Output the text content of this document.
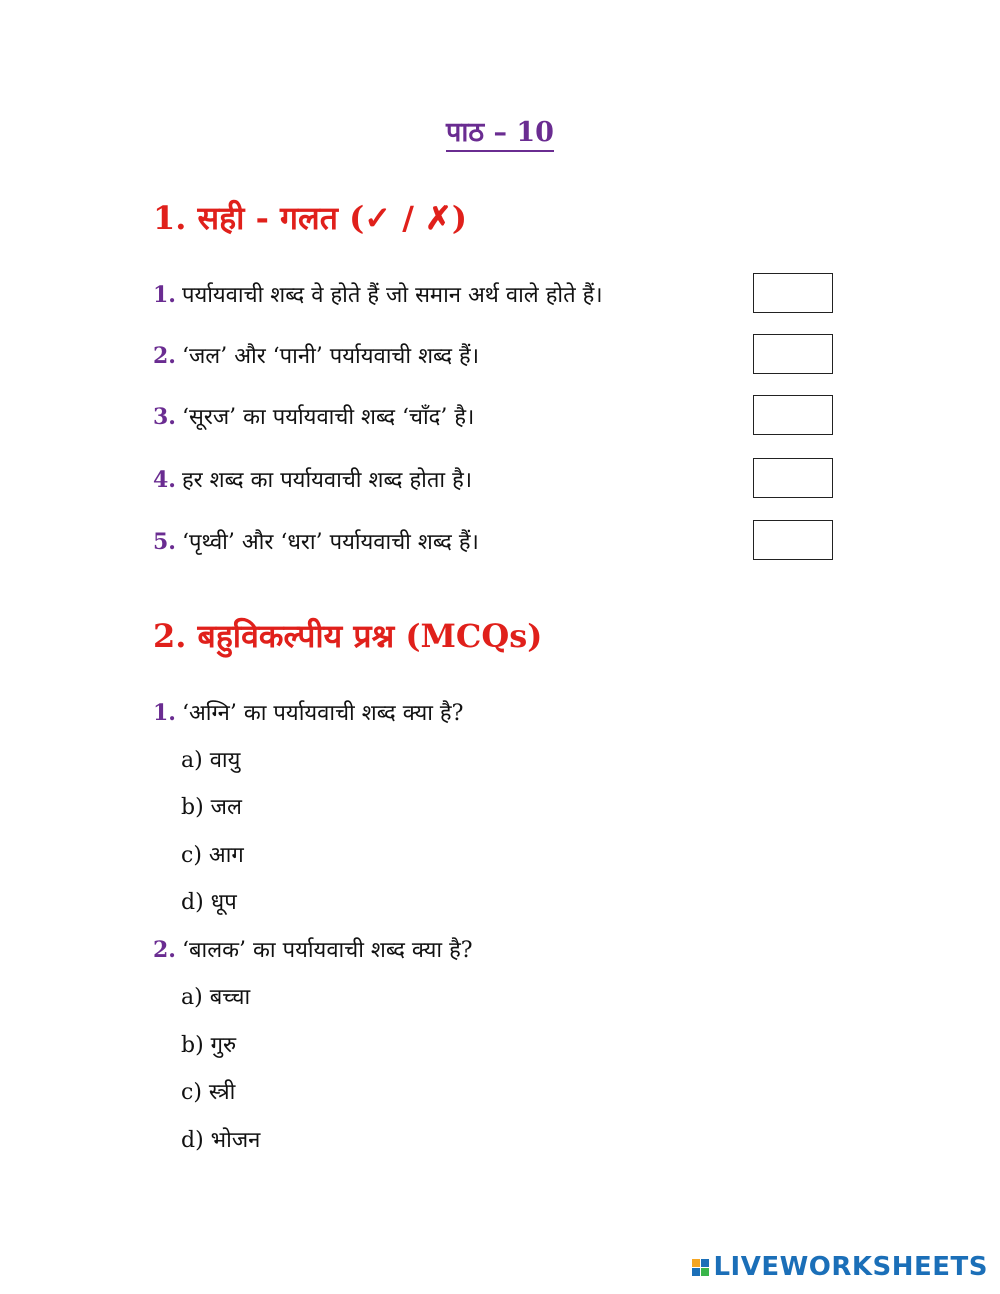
पाठ – 10
1. सही - गलत (✓ / ✗)
1. पर्यायवाची शब्द वे होते हैं जो समान अर्थ वाले होते हैं।
2. ‘जल’ और ‘पानी’ पर्यायवाची शब्द हैं।
3. ‘सूरज’ का पर्यायवाची शब्द ‘चाँद’ है।
4. हर शब्द का पर्यायवाची शब्द होता है।
5. ‘पृथ्वी’ और ‘धरा’ पर्यायवाची शब्द हैं।
2. बहुविकल्पीय प्रश्न (MCQs)
1. ‘अग्नि’ का पर्यायवाची शब्द क्या है?
a) वायु
b) जल
c) आग
d) धूप
2. ‘बालक’ का पर्यायवाची शब्द क्या है?
a) बच्चा
b) गुरु
c) स्त्री
d) भोजन
LIVEWORKSHEETS
